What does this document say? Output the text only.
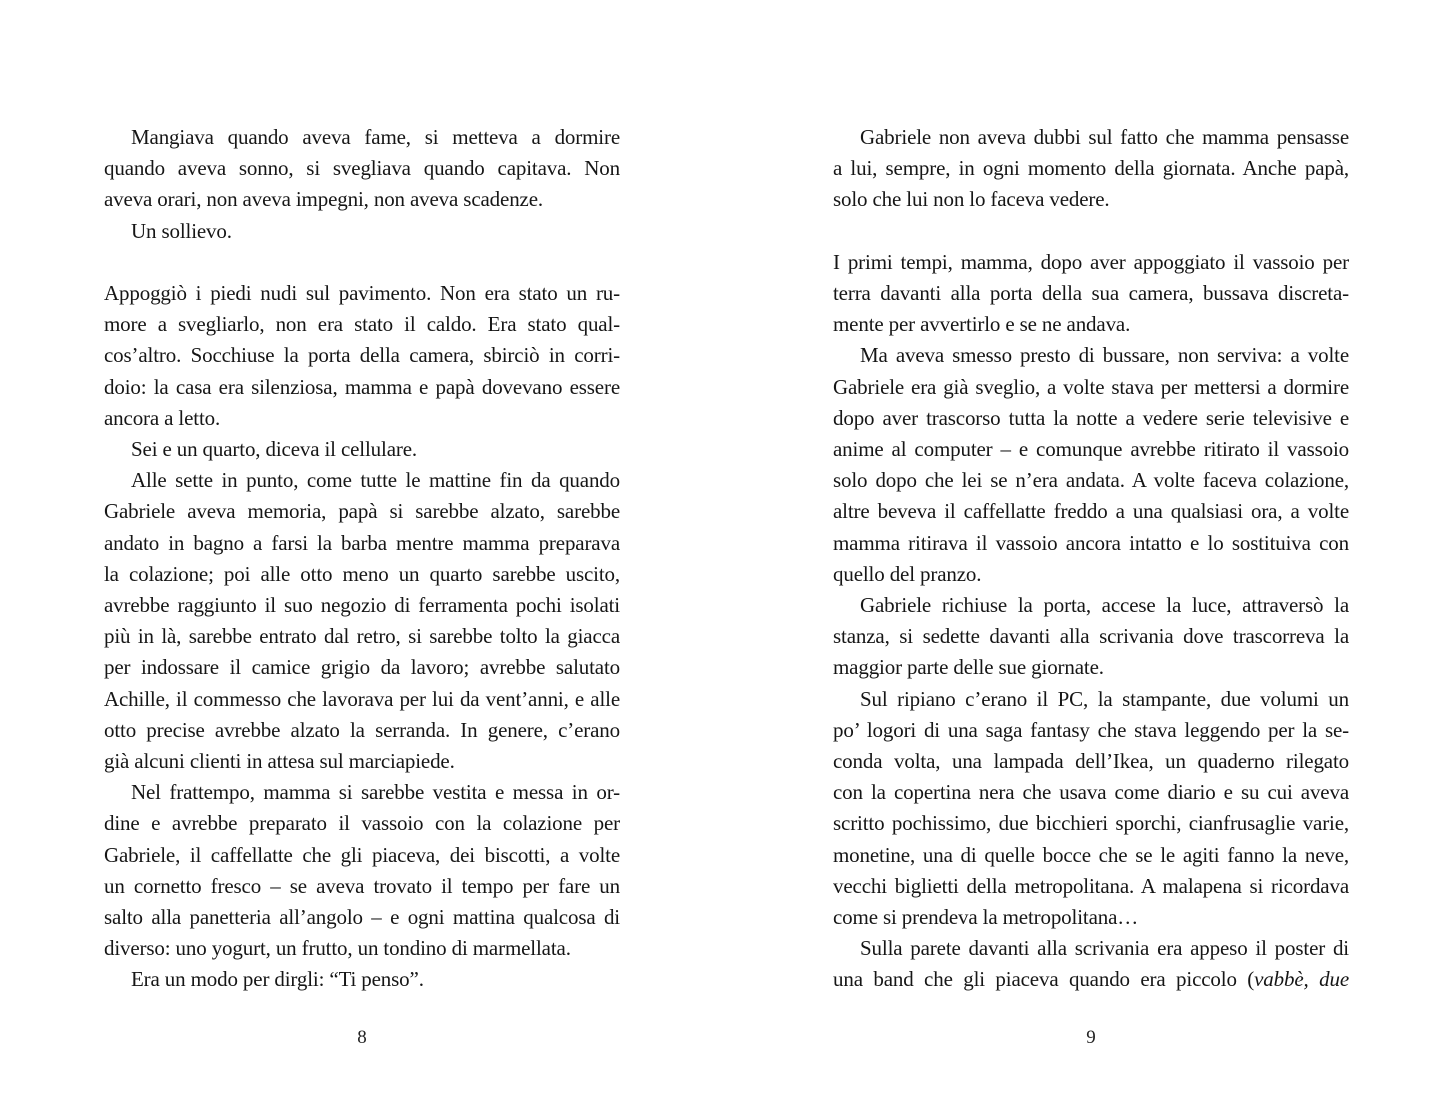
Mangiava quando aveva fame, si metteva a dormire
quando aveva sonno, si svegliava quando capitava. Non
aveva orari, non aveva impegni, non aveva scadenze.
Un sollievo.
Appoggiò i piedi nudi sul pavimento. Non era stato un ru-
more a svegliarlo, non era stato il caldo. Era stato qual-
cos’altro. Socchiuse la porta della camera, sbirciò in corri-
doio: la casa era silenziosa, mamma e papà dovevano essere
ancora a letto.
Sei e un quarto, diceva il cellulare.
Alle sette in punto, come tutte le mattine fin da quando
Gabriele aveva memoria, papà si sarebbe alzato, sarebbe
andato in bagno a farsi la barba mentre mamma preparava
la colazione; poi alle otto meno un quarto sarebbe uscito,
avrebbe raggiunto il suo negozio di ferramenta pochi isolati
più in là, sarebbe entrato dal retro, si sarebbe tolto la giacca
per indossare il camice grigio da lavoro; avrebbe salutato
Achille, il commesso che lavorava per lui da vent’anni, e alle
otto precise avrebbe alzato la serranda. In genere, c’erano
già alcuni clienti in attesa sul marciapiede.
Nel frattempo, mamma si sarebbe vestita e messa in or-
dine e avrebbe preparato il vassoio con la colazione per
Gabriele, il caffellatte che gli piaceva, dei biscotti, a volte
un cornetto fresco – se aveva trovato il tempo per fare un
salto alla panetteria all’angolo – e ogni mattina qualcosa di
diverso: uno yogurt, un frutto, un tondino di marmellata.
Era un modo per dirgli: “Ti penso”.
Gabriele non aveva dubbi sul fatto che mamma pensasse
a lui, sempre, in ogni momento della giornata. Anche papà,
solo che lui non lo faceva vedere.
I primi tempi, mamma, dopo aver appoggiato il vassoio per
terra davanti alla porta della sua camera, bussava discreta-
mente per avvertirlo e se ne andava.
Ma aveva smesso presto di bussare, non serviva: a volte
Gabriele era già sveglio, a volte stava per mettersi a dormire
dopo aver trascorso tutta la notte a vedere serie televisive e
anime al computer – e comunque avrebbe ritirato il vassoio
solo dopo che lei se n’era andata. A volte faceva colazione,
altre beveva il caffellatte freddo a una qualsiasi ora, a volte
mamma ritirava il vassoio ancora intatto e lo sostituiva con
quello del pranzo.
Gabriele richiuse la porta, accese la luce, attraversò la
stanza, si sedette davanti alla scrivania dove trascorreva la
maggior parte delle sue giornate.
Sul ripiano c’erano il PC, la stampante, due volumi un
po’ logori di una saga fantasy che stava leggendo per la se-
conda volta, una lampada dell’Ikea, un quaderno rilegato
con la copertina nera che usava come diario e su cui aveva
scritto pochissimo, due bicchieri sporchi, cianfrusaglie varie,
monetine, una di quelle bocce che se le agiti fanno la neve,
vecchi biglietti della metropolitana. A malapena si ricordava
come si prendeva la metropolitana…
Sulla parete davanti alla scrivania era appeso il poster di
una band che gli piaceva quando era piccolo (vabbè, due
8	9
